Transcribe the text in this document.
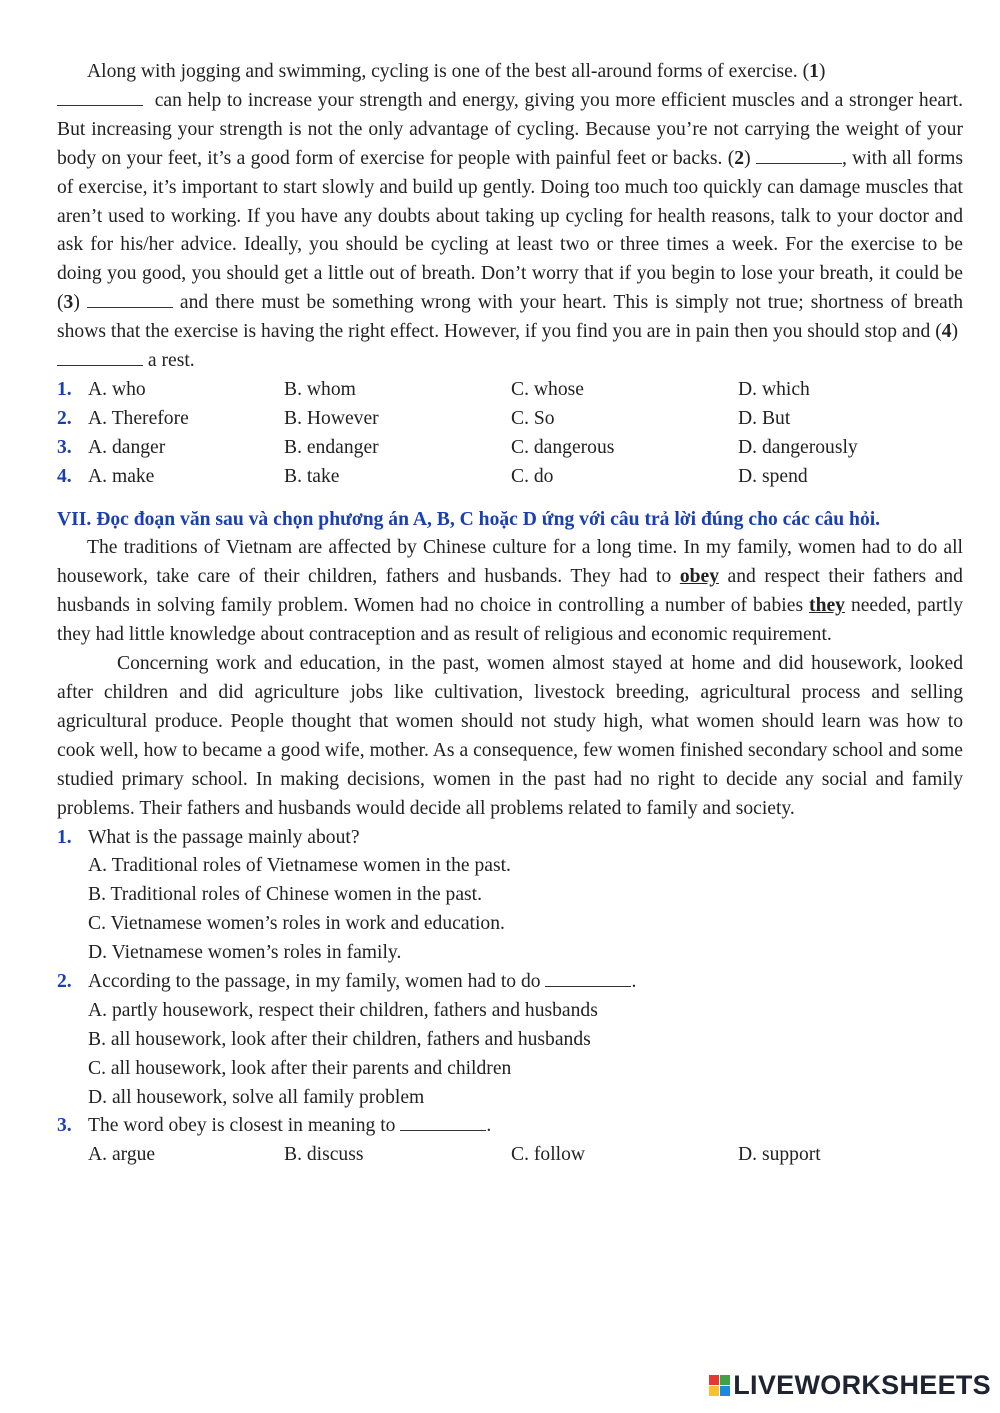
Along with jogging and swimming, cycling is one of the best all-around forms of exercise. (1)
can help to increase your strength and energy, giving you more efficient muscles and a stronger heart. But increasing your strength is not the only advantage of cycling. Because you’re not carrying the weight of your body on your feet, it’s a good form of exercise for people with painful feet or backs. (2)	, with all forms of exercise, it’s important to start slowly and build up gently. Doing too much too quickly can damage muscles that aren’t used to working. If you have any doubts about taking up cycling for health reasons, talk to your doctor and ask for his/her advice. Ideally, you should be cycling at least two or three times a week. For the exercise to be doing you good, you should get a little out of breath. Don’t worry that if you begin to lose your breath, it could be (3)	and there must be something wrong with your heart. This is simply not true; shortness of breath shows that the exercise is having the right effect. However, if you find you are in pain then you should stop and (4)
a rest.

1. A. who	B. whom	C. whose	D. which
2. A. Therefore	B. However	C. So	D. But
3. A. danger	B. endanger	C. dangerous	D. dangerously
4. A. make	B. take	C. do	D. spend

VII. Đọc đoạn văn sau và chọn phương án A, B, C hoặc D ứng với câu trả lời đúng cho các câu hỏi.

The traditions of Vietnam are affected by Chinese culture for a long time. In my family, women had to do all housework, take care of their children, fathers and husbands. They had to obey and respect their fathers and husbands in solving family problem. Women had no choice in controlling a number of babies they needed, partly they had little knowledge about contraception and as result of religious and economic requirement.

Concerning work and education, in the past, women almost stayed at home and did housework, looked after children and did agriculture jobs like cultivation, livestock breeding, agricultural process and selling agricultural produce. People thought that women should not study high, what women should learn was how to cook well, how to became a good wife, mother. As a consequence, few women finished secondary school and some studied primary school. In making decisions, women in the past had no right to decide any social and family problems. Their fathers and husbands would decide all problems related to family and society.

1. What is the passage mainly about?
A. Traditional roles of Vietnamese women in the past.
B. Traditional roles of Chinese women in the past.
C. Vietnamese women’s roles in work and education.
D. Vietnamese women’s roles in family.
2. According to the passage, in my family, women had to do	.
A. partly housework, respect their children, fathers and husbands
B. all housework, look after their children, fathers and husbands
C. all housework, look after their parents and children
D. all housework, solve all family problem
3. The word obey is closest in meaning to	.
A. argue	B. discuss	C. follow	D. support
LIVEWORKSHEETS
